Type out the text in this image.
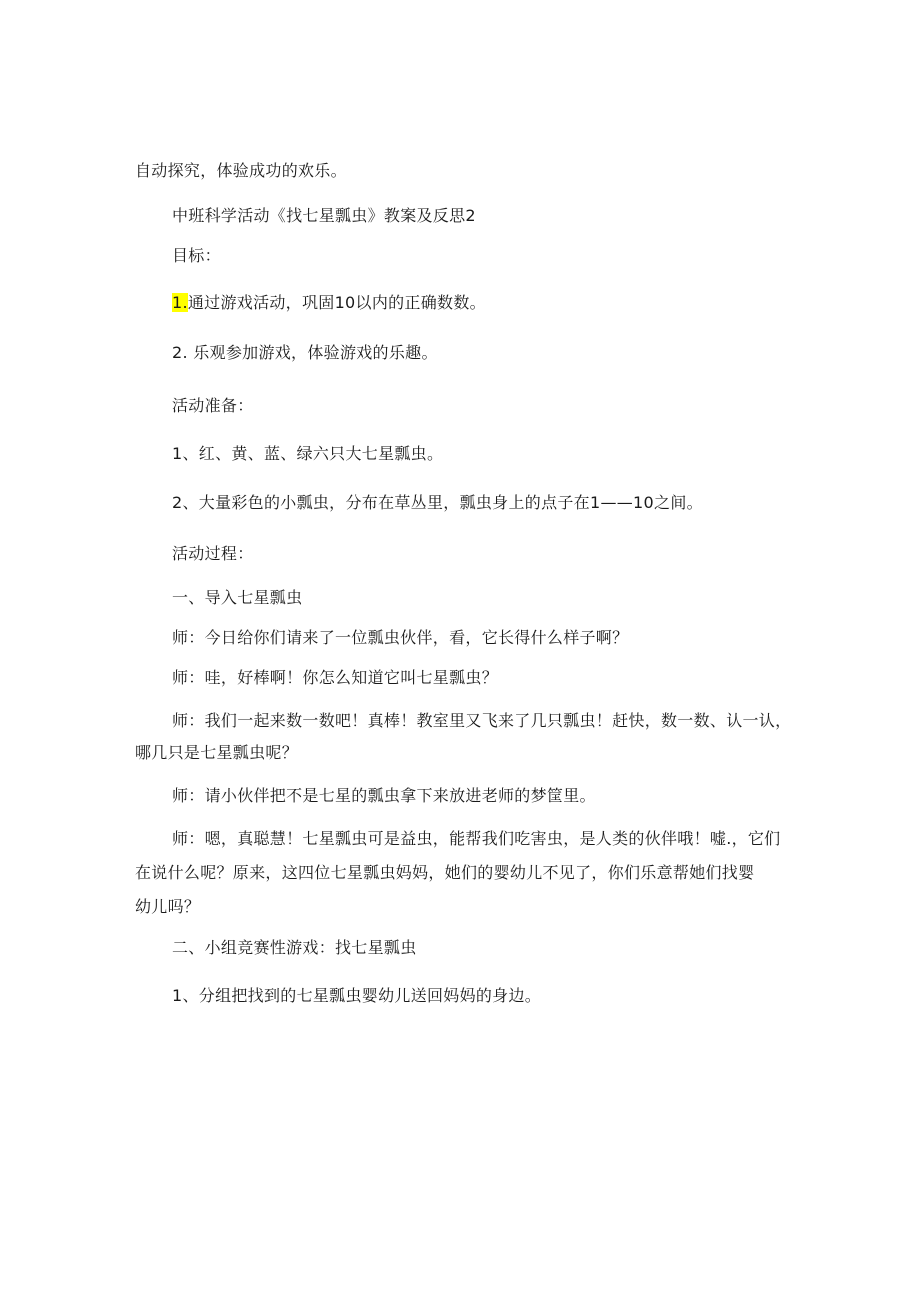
自动探究，体验成功的欢乐。
中班科学活动《找七星瓢虫》教案及反思2
目标：
1.通过游戏活动，巩固10以内的正确数数。
2. 乐观参加游戏，体验游戏的乐趣。
活动准备：
1、红、黄、蓝、绿六只大七星瓢虫。
2、大量彩色的小瓢虫，分布在草丛里，瓢虫身上的点子在1——10之间。
活动过程：
一、导入七星瓢虫
师：今日给你们请来了一位瓢虫伙伴，看，它长得什么样子啊？
师：哇，好棒啊！你怎么知道它叫七星瓢虫？
师：我们一起来数一数吧！真棒！教室里又飞来了几只瓢虫！赶快，数一数、认一认，
哪几只是七星瓢虫呢？
师：请小伙伴把不是七星的瓢虫拿下来放进老师的梦筐里。
师：嗯，真聪慧！七星瓢虫可是益虫，能帮我们吃害虫，是人类的伙伴哦！嘘.，它们
在说什么呢？原来，这四位七星瓢虫妈妈，她们的婴幼儿不见了，你们乐意帮她们找婴
幼儿吗？
二、小组竞赛性游戏：找七星瓢虫
1、分组把找到的七星瓢虫婴幼儿送回妈妈的身边。
